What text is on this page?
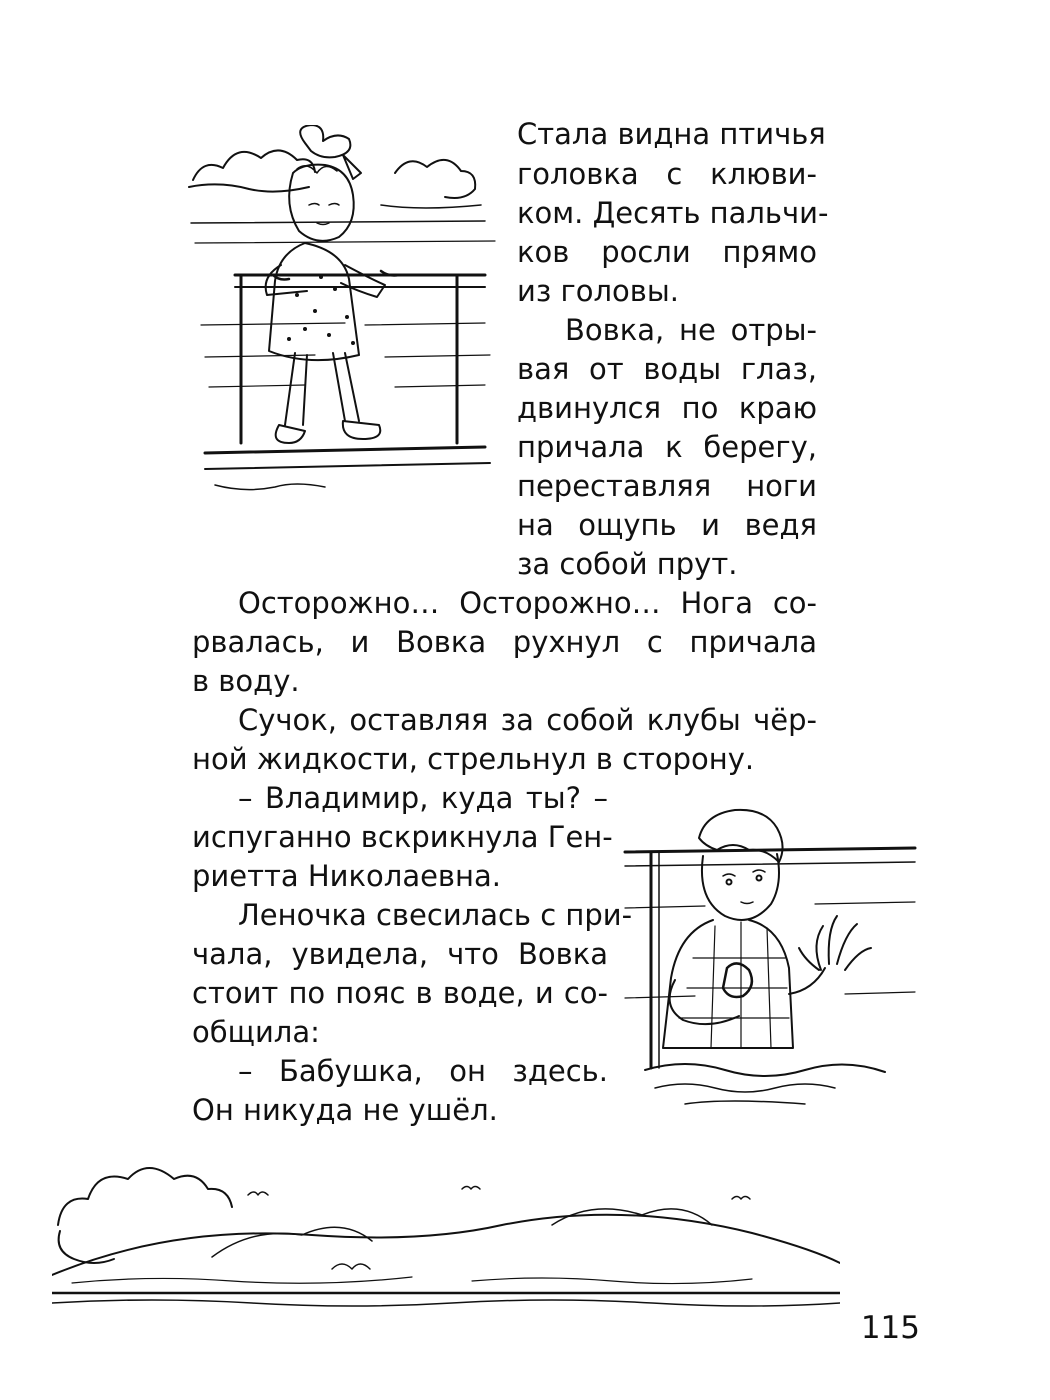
Стала видна птичья

головка с клюви-

ком. Десять пальчи-

ков росли прямо

из головы.

Вовка, не отры-

вая от воды глаз,

двинулся по краю

причала к берегу,

переставляя ноги

на ощупь и ведя

за собой прут.

Осторожно… Осторожно… Нога со-

рвалась, и Вовка рухнул с причала

в воду.

Сучок, оставляя за собой клубы чёр-

ной жидкости, стрельнул в сторону.

– Владимир, куда ты? –

испуганно вскрикнула Ген-

риетта Николаевна.

Леночка свесилась с при-

чала, увидела, что Вовка

стоит по пояс в воде, и со-

общила:

– Бабушка, он здесь.

Он никуда не ушёл.

115
